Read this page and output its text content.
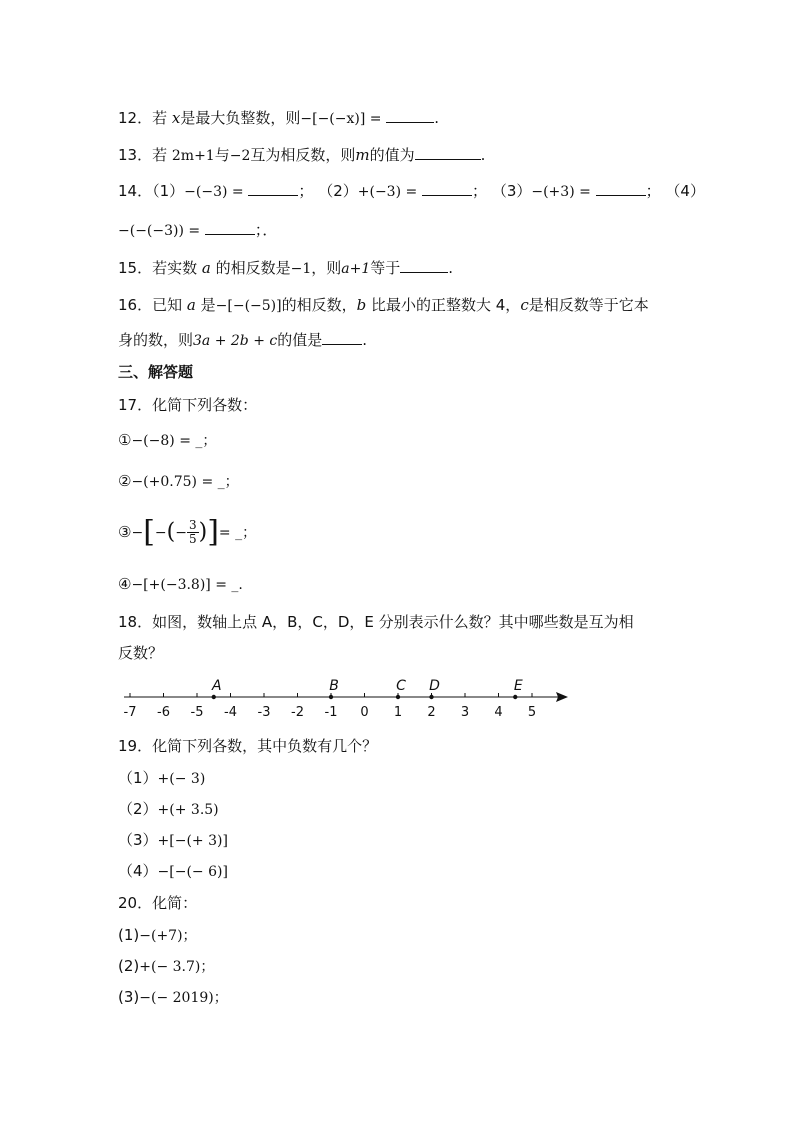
12．若 x是最大负整数，则−[−(−x)] =	.
13．若 2m+1与−2互为相反数，则m的值为	.
14．（1）−(−3) =	； （2）+(−3) =	； （3）−(+3) =	； （4）
−(−(−3)) =	；．
15．若实数 a 的相反数是−1，则a+1等于	.
16．已知 a 是−[−(−5)]的相反数，b 比最小的正整数大 4，c是相反数等于它本
身的数，则3a + 2b + c的值是	.
三、解答题
17．化简下列各数：
①−(−8) = _；
②−(+0.75) = _；
③−[−(− $\frac{3}{5}$ )]= _；
④−[+(−3.8)] = _.
18．如图，数轴上点 A，B，C，D，E 分别表示什么数？其中哪些数是互为相
反数？
-7 -6 -5 -4 -3 -2 -1 0 1 2 3 4 5
A	B	C D	E
19．化简下列各数，其中负数有几个？
（1）+(− 3)
（2）+(+ 3.5)
（3）+[−(+ 3)]
（4）−[−(− 6)]
20．化简：
(1)−(+7)；
(2)+(− 3.7)；
(3)−(− 2019)；
